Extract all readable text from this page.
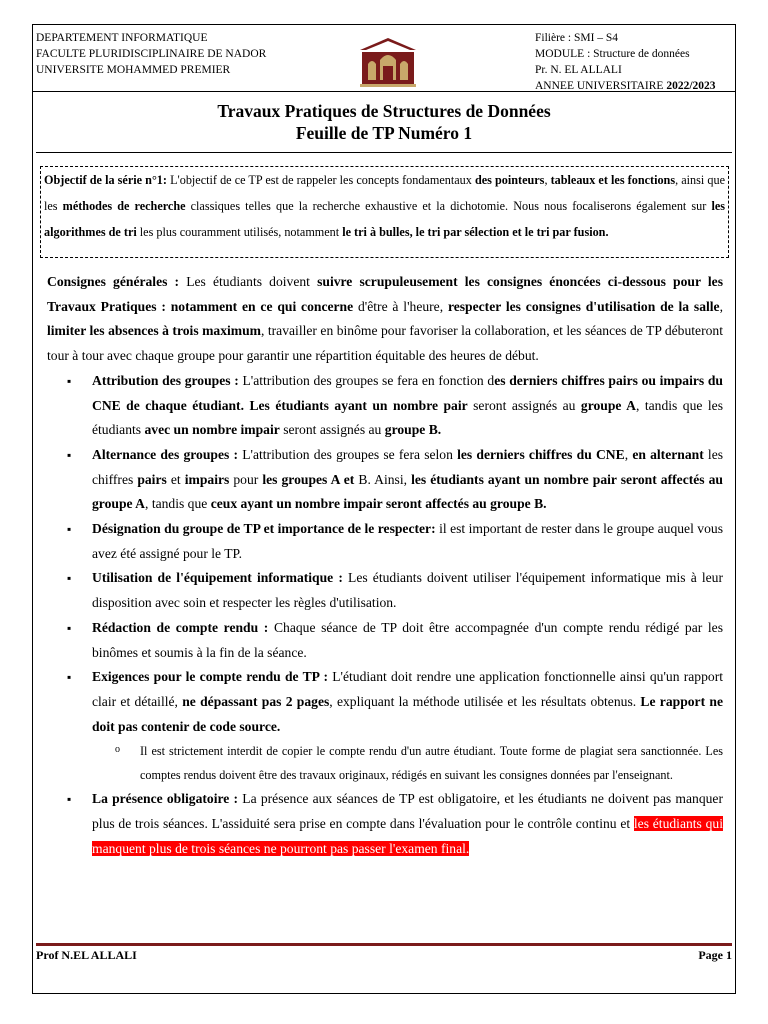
DEPARTEMENT INFORMATIQUE
FACULTE PLURIDISCIPLINAIRE DE NADOR
UNIVERSITE MOHAMMED PREMIER
Filière : SMI – S4
MODULE : Structure de données
Pr. N. EL ALLALI
ANNEE UNIVERSITAIRE 2022/2023
Travaux Pratiques de Structures de Données
Feuille de TP Numéro 1
Objectif de la série n°1: L'objectif de ce TP est de rappeler les concepts fondamentaux des pointeurs, tableaux et les fonctions, ainsi que les méthodes de recherche classiques telles que la recherche exhaustive et la dichotomie. Nous nous focaliserons également sur les algorithmes de tri les plus couramment utilisés, notamment le tri à bulles, le tri par sélection et le tri par fusion.

Consignes générales : Les étudiants doivent suivre scrupuleusement les consignes énoncées ci-dessous pour les Travaux Pratiques : notamment en ce qui concerne d'être à l'heure, respecter les consignes d'utilisation de la salle, limiter les absences à trois maximum, travailler en binôme pour favoriser la collaboration, et les séances de TP débuteront tour à tour avec chaque groupe pour garantir une répartition équitable des heures de début.

▪ Attribution des groupes : L'attribution des groupes se fera en fonction des derniers chiffres pairs ou impairs du CNE de chaque étudiant. Les étudiants ayant un nombre pair seront assignés au groupe A, tandis que les étudiants avec un nombre impair seront assignés au groupe B.
▪ Alternance des groupes : L'attribution des groupes se fera selon les derniers chiffres du CNE, en alternant les chiffres pairs et impairs pour les groupes A et B. Ainsi, les étudiants ayant un nombre pair seront affectés au groupe A, tandis que ceux ayant un nombre impair seront affectés au groupe B.
▪ Désignation du groupe de TP et importance de le respecter: il est important de rester dans le groupe auquel vous avez été assigné pour le TP.
▪ Utilisation de l'équipement informatique : Les étudiants doivent utiliser l'équipement informatique mis à leur disposition avec soin et respecter les règles d'utilisation.
▪ Rédaction de compte rendu : Chaque séance de TP doit être accompagnée d'un compte rendu rédigé par les binômes et soumis à la fin de la séance.
▪ Exigences pour le compte rendu de TP : L'étudiant doit rendre une application fonctionnelle ainsi qu'un rapport clair et détaillé, ne dépassant pas 2 pages, expliquant la méthode utilisée et les résultats obtenus. Le rapport ne doit pas contenir de code source.
o Il est strictement interdit de copier le compte rendu d'un autre étudiant. Toute forme de plagiat sera sanctionnée. Les comptes rendus doivent être des travaux originaux, rédigés en suivant les consignes données par l'enseignant.
▪ La présence obligatoire : La présence aux séances de TP est obligatoire, et les étudiants ne doivent pas manquer plus de trois séances. L'assiduité sera prise en compte dans l'évaluation pour le contrôle continu et les étudiants qui manquent plus de trois séances ne pourront pas passer l'examen final.
Prof N.EL ALLALI	Page 1
